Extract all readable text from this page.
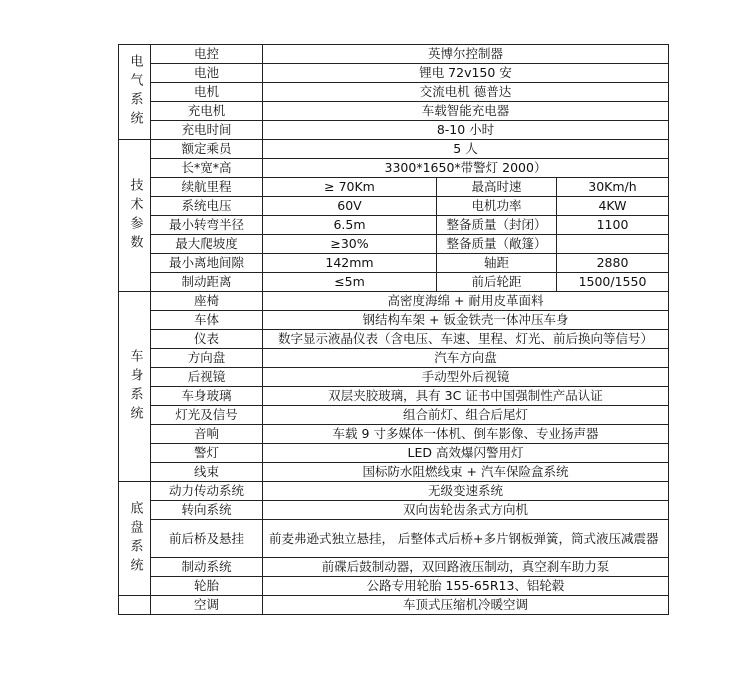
电气系统	电控	英博尔控制器		
	电池	锂电 72v150 安		
	电机	交流电机 德普达		
	充电机	车载智能充电器		
	充电时间	8-10 小时		
技术参数	额定乘员	5 人		
	长*宽*高	3300*1650*带警灯 2000）		
	续航里程	≥ 70Km	最高时速	30Km/h
	系统电压	60V	电机功率	4KW
	最小转弯半径	6.5m	整备质量（封闭）	1100
	最大爬坡度	≥30%	整备质量（敞篷）	
	最小离地间隙	142mm	轴距	2880
	制动距离	≤5m	前后轮距	1500/1550
车身系统	座椅	高密度海绵 + 耐用皮革面料		
	车体	钢结构车架 + 钣金铁壳一体冲压车身		
	仪表	数字显示液晶仪表（含电压、车速、里程、灯光、前后换向等信号）		
	方向盘	汽车方向盘		
	后视镜	手动型外后视镜		
	车身玻璃	双层夹胶玻璃，具有 3C 证书中国强制性产品认证		
	灯光及信号	组合前灯、组合后尾灯		
	音响	车载 9 寸多媒体一体机、倒车影像、专业扬声器		
	警灯	LED 高效爆闪警用灯		
	线束	国标防水阻燃线束 + 汽车保险盒系统		
底盘系统	动力传动系统	无级变速系统		
	转向系统	双向齿轮齿条式方向机		
	前后桥及悬挂	前麦弗逊式独立悬挂， 后整体式后桥+多片钢板弹簧，筒式液压减震器		
	制动系统	前碟后鼓制动器，双回路液压制动，真空刹车助力泵		
	轮胎	公路专用轮胎 155-65R13、铝轮毂		
	空调	车顶式压缩机冷暖空调		
